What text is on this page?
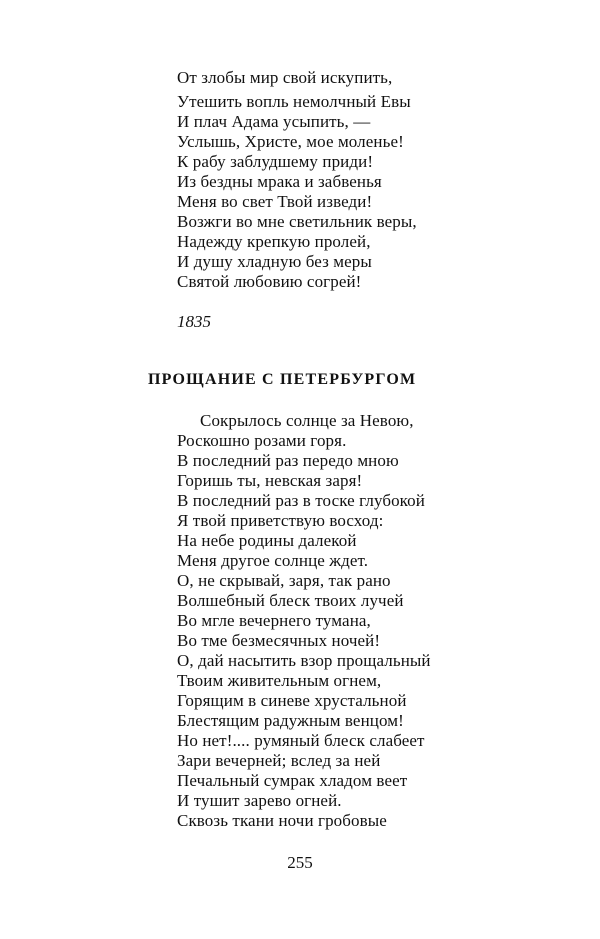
От злобы мир свой искупить,
Утешить вопль немолчный Евы
И плач Адама усыпить, —
Услышь, Христе, мое моленье!
К рабу заблудшему приди!
Из бездны мрака и забвенья
Меня во свет Твой изведи!
Возжги во мне светильник веры,
Надежду крепкую пролей,
И душу хладную без меры
Святой любовию согрей!
1835
ПРОЩАНИЕ С ПЕТЕРБУРГОМ
Сокрылось солнце за Невою,
Роскошно розами горя.
В последний раз передо мною
Горишь ты, невская заря!
В последний раз в тоске глубокой
Я твой приветствую восход:
На небе родины далекой
Меня другое солнце ждет.
О, не скрывай, заря, так рано
Волшебный блеск твоих лучей
Во мгле вечернего тумана,
Во тме безмесячных ночей!
О, дай насытить взор прощальный
Твоим живительным огнем,
Горящим в синеве хрустальной
Блестящим радужным венцом!
Но нет!.... румяный блеск слабеет
Зари вечерней; вслед за ней
Печальный сумрак хладом веет
И тушит зарево огней.
Сквозь ткани ночи гробовые
255
